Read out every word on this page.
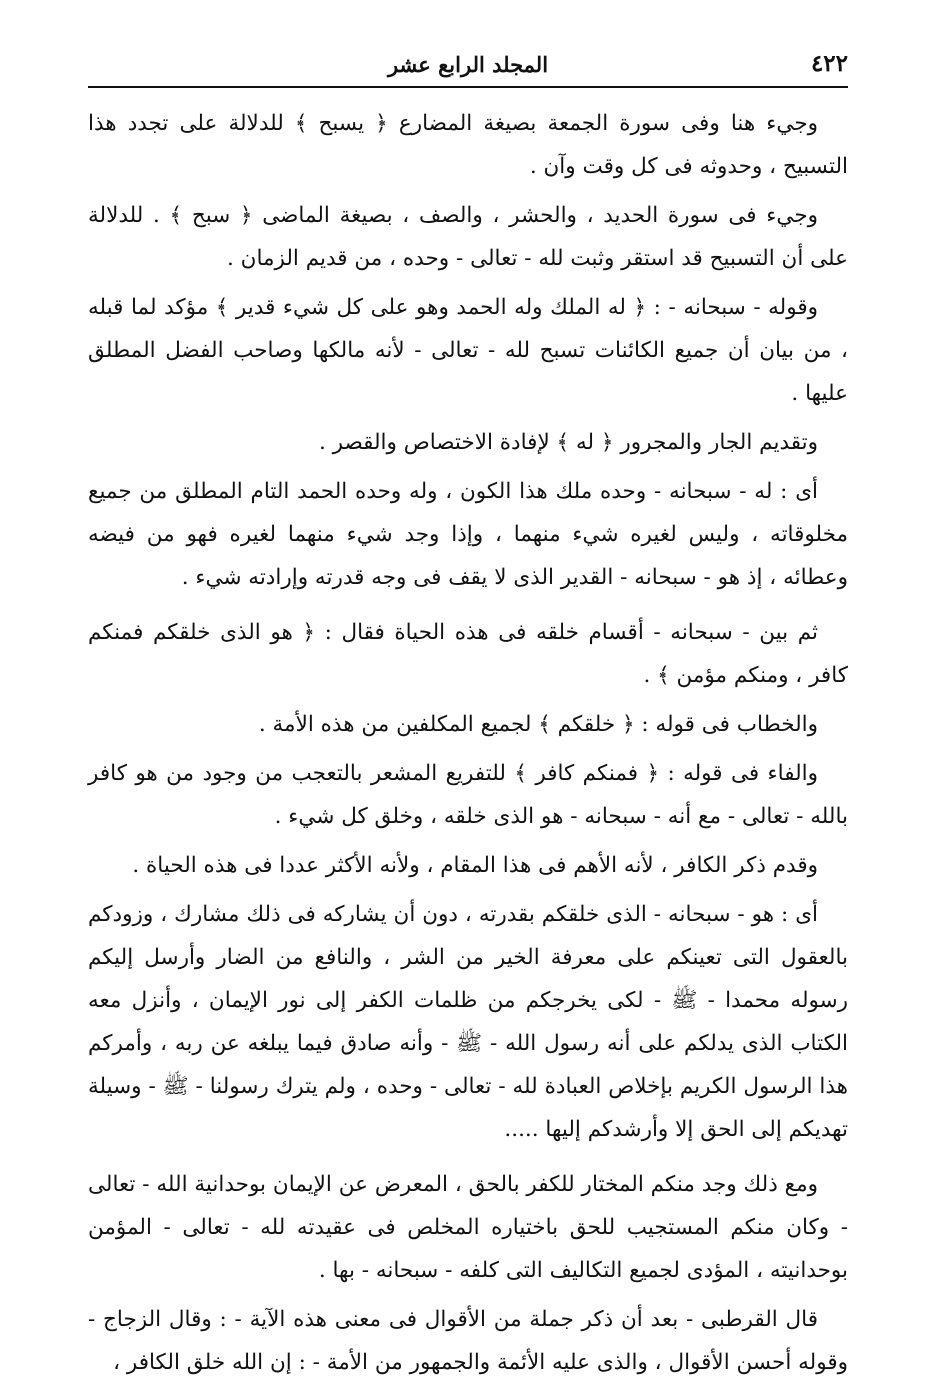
٤٢٢
المجلد الرابع عشر

وجيء هنا وفى سورة الجمعة بصيغة المضارع ﴿ يسبح ﴾ للدلالة على تجدد هذا التسبيح ، وحدوثه فى كل وقت وآن .

وجيء فى سورة الحديد ، والحشر ، والصف ، بصيغة الماضى ﴿ سبح ﴾ . للدلالة على أن التسبيح قد استقر وثبت لله - تعالى - وحده ، من قديم الزمان .

وقوله - سبحانه - : ﴿ له الملك وله الحمد وهو على كل شيء قدير ﴾ مؤكد لما قبله ، من بيان أن جميع الكائنات تسبح لله - تعالى - لأنه مالكها وصاحب الفضل المطلق عليها .

وتقديم الجار والمجرور ﴿ له ﴾ لإفادة الاختصاص والقصر .

أى : له - سبحانه - وحده ملك هذا الكون ، وله وحده الحمد التام المطلق من جميع مخلوقاته ، وليس لغيره شيء منهما ، وإذا وجد شيء منهما لغيره فهو من فيضه وعطائه ، إذ هو - سبحانه - القدير الذى لا يقف فى وجه قدرته وإرادته شيء .

ثم بين - سبحانه - أقسام خلقه فى هذه الحياة فقال : ﴿ هو الذى خلقكم فمنكم كافر ، ومنكم مؤمن ﴾ .

والخطاب فى قوله : ﴿ خلقكم ﴾ لجميع المكلفين من هذه الأمة .

والفاء فى قوله : ﴿ فمنكم كافر ﴾ للتفريع المشعر بالتعجب من وجود من هو كافر بالله - تعالى - مع أنه - سبحانه - هو الذى خلقه ، وخلق كل شيء .

وقدم ذكر الكافر ، لأنه الأهم فى هذا المقام ، ولأنه الأكثر عددا فى هذه الحياة .

أى : هو - سبحانه - الذى خلقكم بقدرته ، دون أن يشاركه فى ذلك مشارك ، وزودكم بالعقول التى تعينكم على معرفة الخير من الشر ، والنافع من الضار وأرسل إليكم رسوله محمدا - ﷺ - لكى يخرجكم من ظلمات الكفر إلى نور الإيمان ، وأنزل معه الكتاب الذى يدلكم على أنه رسول الله - ﷺ - وأنه صادق فيما يبلغه عن ربه ، وأمركم هذا الرسول الكريم بإخلاص العبادة لله - تعالى - وحده ، ولم يترك رسولنا - ﷺ - وسيلة تهديكم إلى الحق إلا وأرشدكم إليها .....

ومع ذلك وجد منكم المختار للكفر بالحق ، المعرض عن الإيمان بوحدانية الله - تعالى - وكان منكم المستجيب للحق باختياره المخلص فى عقيدته لله - تعالى - المؤمن بوحدانيته ، المؤدى لجميع التكاليف التى كلفه - سبحانه - بها .

قال القرطبى - بعد أن ذكر جملة من الأقوال فى معنى هذه الآية - : وقال الزجاج - وقوله أحسن الأقوال ، والذى عليه الأئمة والجمهور من الأمة - : إن الله خلق الكافر ،
